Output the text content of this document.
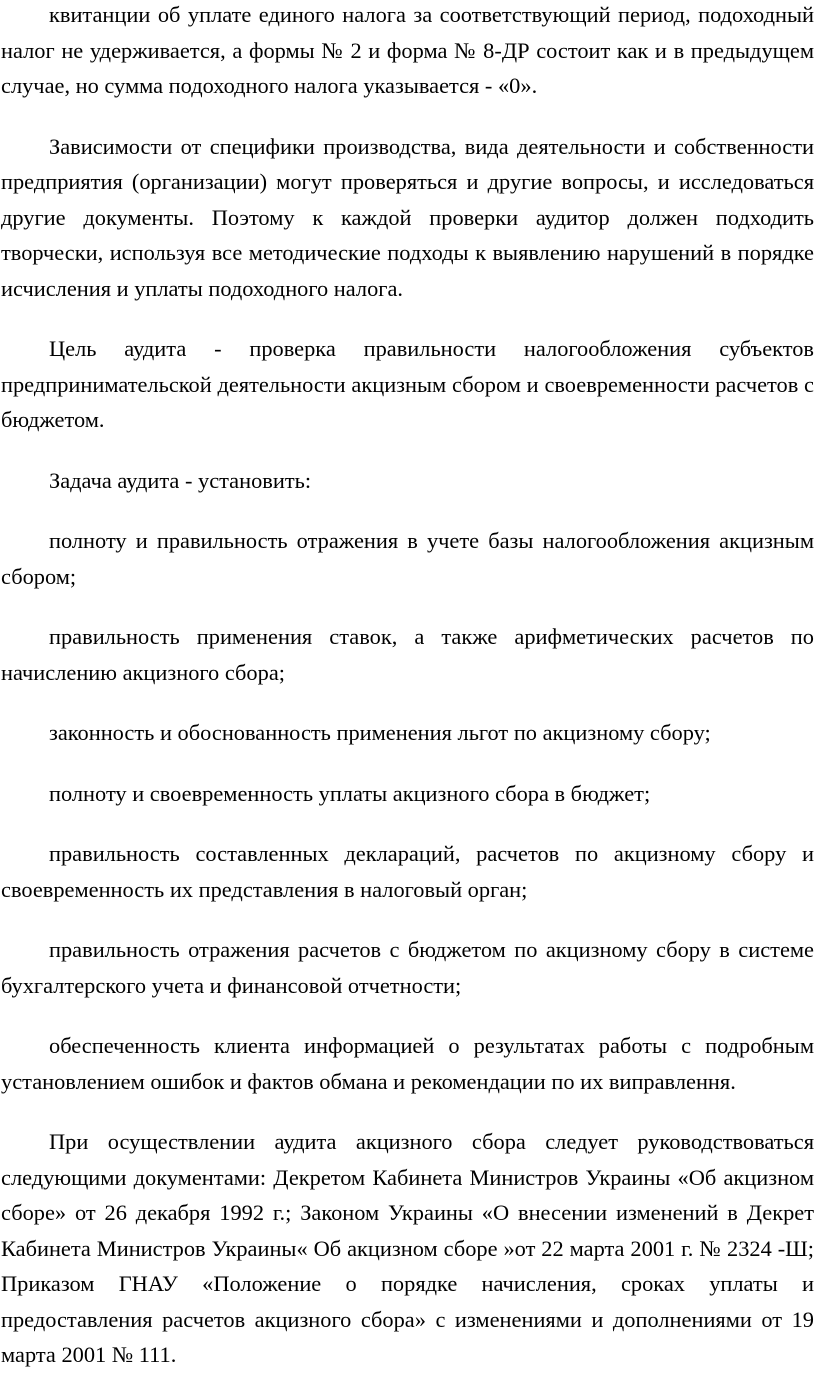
квитанции об уплате единого налога за соответствующий период, подоходный налог не удерживается, а формы № 2 и форма № 8-ДР состоит как и в предыдущем случае, но сумма подоходного налога указывается - «0».

Зависимости от специфики производства, вида деятельности и собственности предприятия (организации) могут проверяться и другие вопросы, и исследоваться другие документы. Поэтому к каждой проверки аудитор должен подходить творчески, используя все методические подходы к выявлению нарушений в порядке исчисления и уплаты подоходного налога.

Цель аудита - проверка правильности налогообложения субъектов предпринимательской деятельности акцизным сбором и своевременности расчетов с бюджетом.

Задача аудита - установить:

полноту и правильность отражения в учете базы налогообложения акцизным сбором;

правильность применения ставок, а также арифметических расчетов по начислению акцизного сбора;

законность и обоснованность применения льгот по акцизному сбору;

полноту и своевременность уплаты акцизного сбора в бюджет;

правильность составленных деклараций, расчетов по акцизному сбору и своевременность их представления в налоговый орган;

правильность отражения расчетов с бюджетом по акцизному сбору в системе бухгалтерского учета и финансовой отчетности;

обеспеченность клиента информацией о результатах работы с подробным установлением ошибок и фактов обмана и рекомендации по их виправлення.

При осуществлении аудита акцизного сбора следует руководствоваться следующими документами: Декретом Кабинета Министров Украины «Об акцизном сборе» от 26 декабря 1992 г.; Законом Украины «О внесении изменений в Декрет Кабинета Министров Украины« Об акцизном сборе »от 22 марта 2001 г. № 2324 -Ш; Приказом ГНАУ «Положение о порядке начисления, сроках уплаты и предоставления расчетов акцизного сбора» с изменениями и дополнениями от 19 марта 2001 № 111.
